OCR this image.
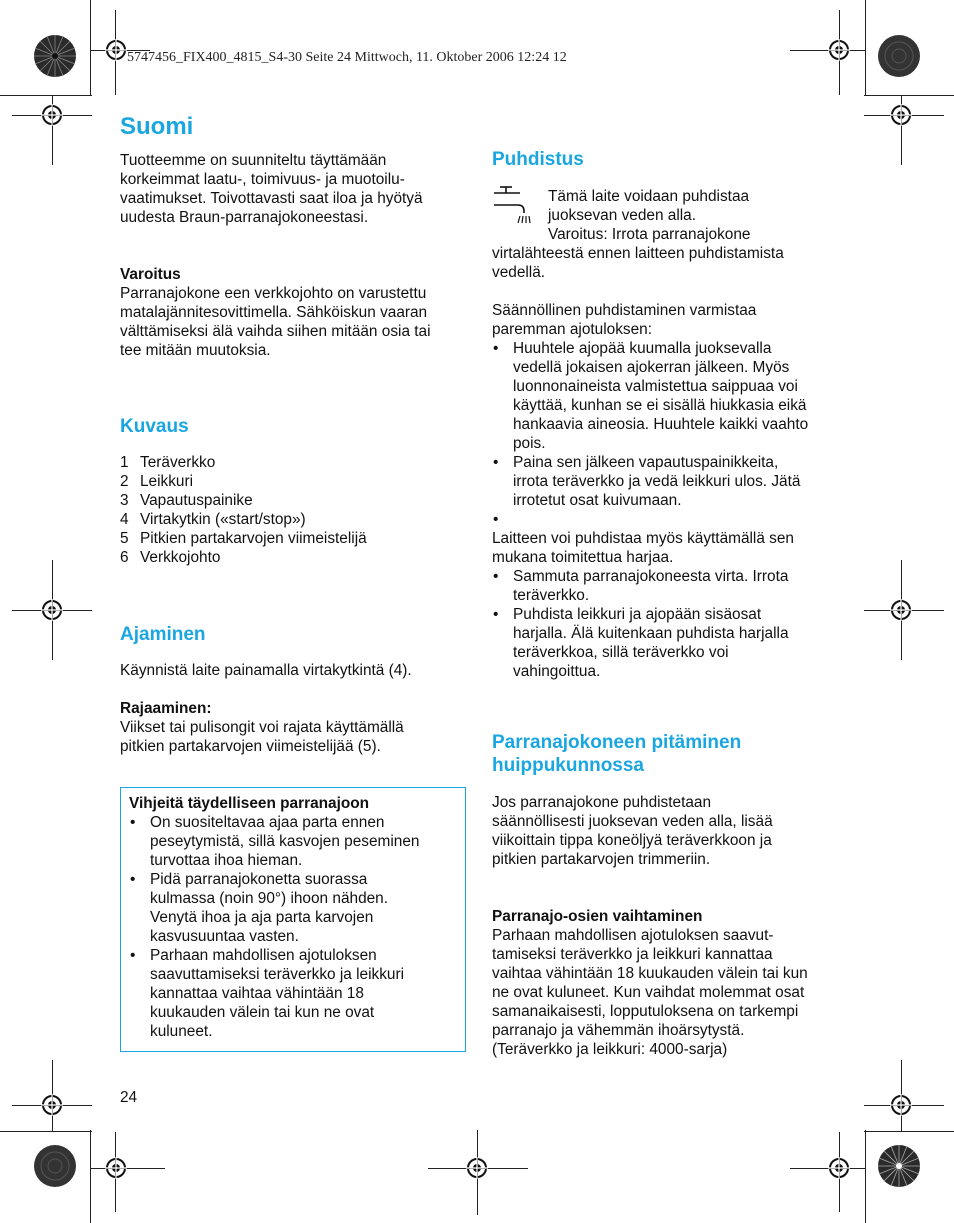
5747456_FIX400_4815_S4-30 Seite 24 Mittwoch, 11. Oktober 2006 12:24 12
Suomi

Tuotteemme on suunniteltu täyttämään
korkeimmat laatu-, toimivuus- ja muotoilu-
vaatimukset. Toivottavasti saat iloa ja hyötyä
uudesta Braun-parranajokoneestasi.

Varoitus

Parranajokone een verkkojohto on varustettu
matalajännitesovittimella. Sähköiskun vaaran
välttämiseksi älä vaihda siihen mitään osia tai
tee mitään muutoksia.

Kuvaus
1 Teräverkko
2 Leikkuri
3 Vapautuspainike
4 Virtakytkin («start/stop»)
5 Pitkien partakarvojen viimeistelijä
6 Verkkojohto
Ajaminen

Käynnistä laite painamalla virtakytkintä (4).

Rajaaminen:

Viikset tai pulisongit voi rajata käyttämällä
pitkien partakarvojen viimeistelijää (5).

Vihjeitä täydelliseen parranajoon

• On suositeltavaa ajaa parta ennen
peseytymistä, sillä kasvojen peseminen
turvottaa ihoa hieman.
• Pidä parranajokonetta suorassa
kulmassa (noin 90°) ihoon nähden.
Venytä ihoa ja aja parta karvojen
kasvusuuntaa vasten.
• Parhaan mahdollisen ajotuloksen
saavuttamiseksi teräverkko ja leikkuri
kannattaa vaihtaa vähintään 18
kuukauden välein tai kun ne ovat
kuluneet.
24
Puhdistus
Tämä laite voidaan puhdistaa
juoksevan veden alla.
Varoitus: Irrota parranajokone

virtalähteestä ennen laitteen puhdistamista
vedellä.

Säännöllinen puhdistaminen varmistaa
paremman ajotuloksen:

• Huuhtele ajopää kuumalla juoksevalla
vedellä jokaisen ajokerran jälkeen. Myös
luonnonaineista valmistettua saippuaa voi
käyttää, kunhan se ei sisällä hiukkasia eikä
hankaavia aineosia. Huuhtele kaikki vaahto
pois.
• Paina sen jälkeen vapautuspainikkeita,
irrota teräverkko ja vedä leikkuri ulos. Jätä
irrotetut osat kuivumaan.
•

Laitteen voi puhdistaa myös käyttämällä sen
mukana toimitettua harjaa.

• Sammuta parranajokoneesta virta. Irrota
teräverkko.
• Puhdista leikkuri ja ajopään sisäosat
harjalla. Älä kuitenkaan puhdista harjalla
teräverkkoa, sillä teräverkko voi
vahingoittua.
Parranajokoneen pitäminen
huippukunnossa

Jos parranajokone puhdistetaan
säännöllisesti juoksevan veden alla, lisää
viikoittain tippa koneöljyä teräverkkoon ja
pitkien partakarvojen trimmeriin.

Parranajo-osien vaihtaminen

Parhaan mahdollisen ajotuloksen saavut-
tamiseksi teräverkko ja leikkuri kannattaa
vaihtaa vähintään 18 kuukauden välein tai kun
ne ovat kuluneet. Kun vaihdat molemmat osat
samanaikaisesti, lopputuloksena on tarkempi
parranajo ja vähemmän ihoärsytystä.
(Teräverkko ja leikkuri: 4000-sarja)
